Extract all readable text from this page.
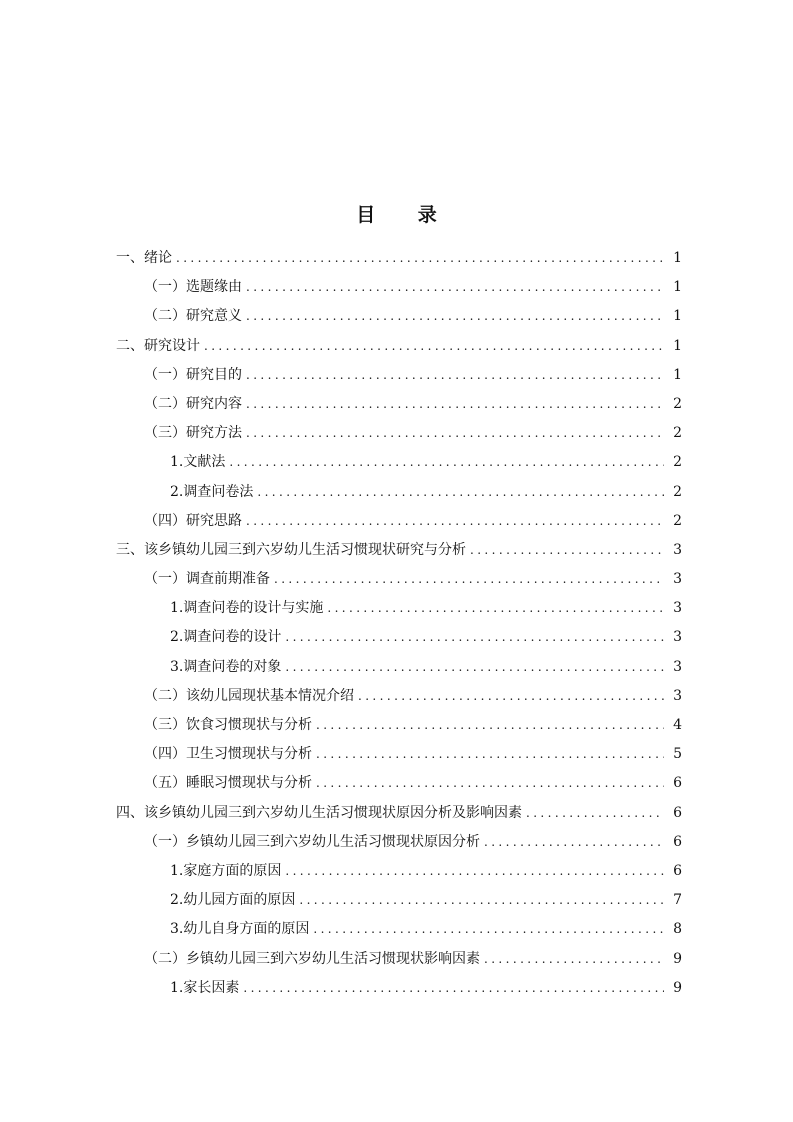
目 录
一、绪论 .....	1
（一）选题缘由 .....	1
（二）研究意义 .....	1
二、研究设计 .....	1
（一）研究目的 .....	1
（二）研究内容 .....	2
（三）研究方法 .....	2
1.文献法 .....	2
2.调查问卷法 .....	2
（四）研究思路 .....	2
三、该乡镇幼儿园三到六岁幼儿生活习惯现状研究与分析 .....	3
（一）调查前期准备 .....	3
1.调查问卷的设计与实施 .....	3
2.调查问卷的设计 .....	3
3.调查问卷的对象 .....	3
（二）该幼儿园现状基本情况介绍 .....	3
（三）饮食习惯现状与分析 .....	4
（四）卫生习惯现状与分析 .....	5
（五）睡眠习惯现状与分析 .....	6
四、该乡镇幼儿园三到六岁幼儿生活习惯现状原因分析及影响因素 .....	6
（一）乡镇幼儿园三到六岁幼儿生活习惯现状原因分析 .....	6
1.家庭方面的原因 .....	6
2.幼儿园方面的原因 .....	7
3.幼儿自身方面的原因 .....	8
（二）乡镇幼儿园三到六岁幼儿生活习惯现状影响因素 .....	9
1.家长因素 .....	9
